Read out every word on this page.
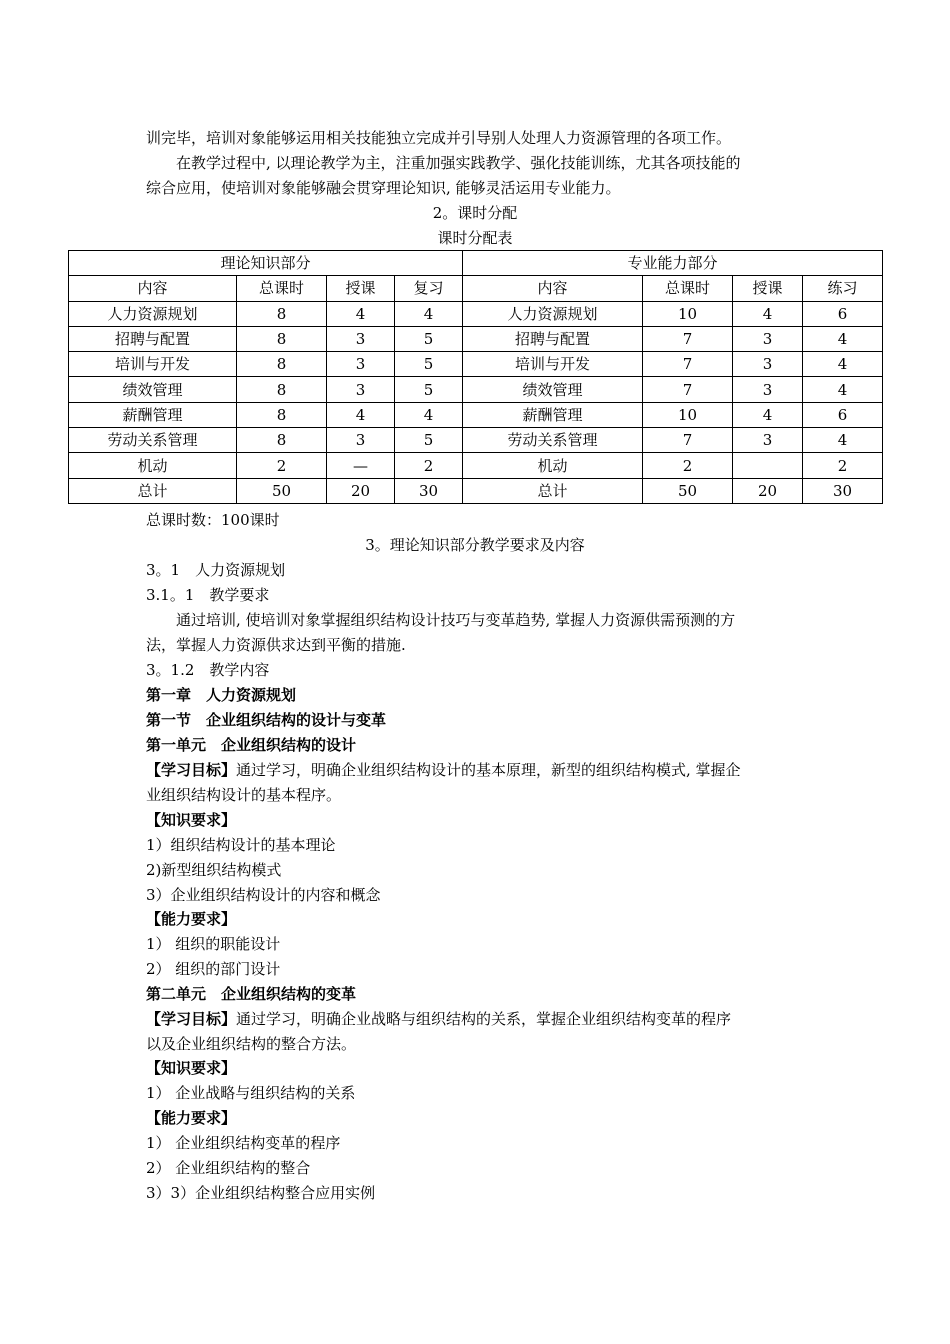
训完毕，培训对象能够运用相关技能独立完成并引导别人处理人力资源管理的各项工作。
在教学过程中, 以理论教学为主，注重加强实践教学、强化技能训练，尤其各项技能的
综合应用，使培训对象能够融会贯穿理论知识, 能够灵活运用专业能力。
2。课时分配
课时分配表
理论知识部分				专业能力部分			
内容	总课时	授课	复习	内容	总课时	授课	练习
人力资源规划	8	4	4	人力资源规划	10	4	6
招聘与配置	8	3	5	招聘与配置	7	3	4
培训与开发	8	3	5	培训与开发	7	3	4
绩效管理	8	3	5	绩效管理	7	3	4
薪酬管理	8	4	4	薪酬管理	10	4	6
劳动关系管理	8	3	5	劳动关系管理	7	3	4
机动	2	—	2	机动	2		2
总计	50	20	30	总计	50	20	30
总课时数：100课时
3。理论知识部分教学要求及内容
3。1　人力资源规划
3.1。1　教学要求
通过培训, 使培训对象掌握组织结构设计技巧与变革趋势, 掌握人力资源供需预测的方
法，掌握人力资源供求达到平衡的措施.
3。1.2　教学内容
第一章　人力资源规划
第一节　企业组织结构的设计与变革
第一单元　企业组织结构的设计
【学习目标】通过学习，明确企业组织结构设计的基本原理，新型的组织结构模式, 掌握企
业组织结构设计的基本程序。
【知识要求】
1）组织结构设计的基本理论
2)新型组织结构模式
3）企业组织结构设计的内容和概念
【能力要求】
1） 组织的职能设计
2） 组织的部门设计
第二单元　企业组织结构的变革
【学习目标】通过学习，明确企业战略与组织结构的关系，掌握企业组织结构变革的程序
以及企业组织结构的整合方法。
【知识要求】
1） 企业战略与组织结构的关系
【能力要求】
1） 企业组织结构变革的程序
2） 企业组织结构的整合
3）3）企业组织结构整合应用实例
